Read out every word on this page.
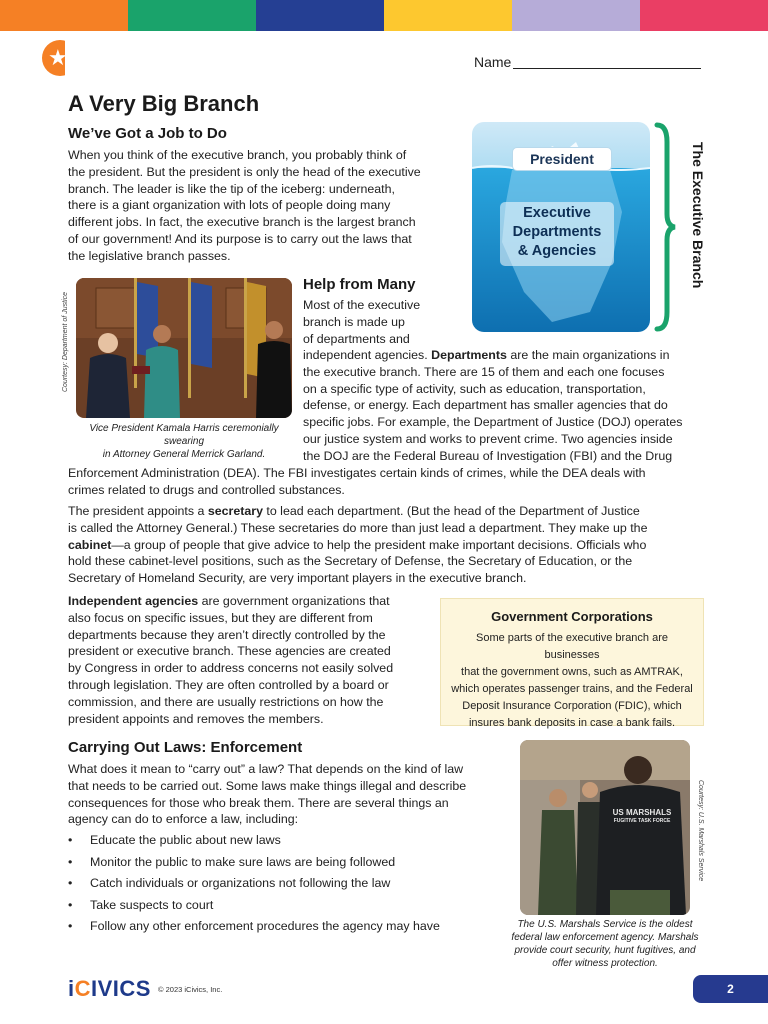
★	Name
A Very Big Branch
We’ve Got a Job to Do
When you think of the executive branch, you probably think of
the president. But the president is only the head of the executive
branch. The leader is like the tip of the iceberg: underneath,
there is a giant organization with lots of people doing many
different jobs. In fact, the executive branch is the largest branch
of our government! And its purpose is to carry out the laws that
the legislative branch passes.
President
Executive
Departments
& Agencies	The Executive Branch
Courtesy: Department of Justice
Vice President Kamala Harris ceremonially swearing
in Attorney General Merrick Garland.
Help from Many
Most of the executive
branch is made up
of departments and
independent agencies. Departments are the main organizations in
the executive branch. There are 15 of them and each one focuses
on a specific type of activity, such as education, transportation,
defense, or energy. Each department has smaller agencies that do
specific jobs. For example, the Department of Justice (DOJ) operates
our justice system and works to prevent crime. Two agencies inside
the DOJ are the Federal Bureau of Investigation (FBI) and the Drug
Enforcement Administration (DEA). The FBI investigates certain kinds of crimes, while the DEA deals with
crimes related to drugs and controlled substances.
The president appoints a secretary to lead each department. (But the head of the Department of Justice
is called the Attorney General.) These secretaries do more than just lead a department. They make up the
cabinet—a group of people that give advice to help the president make important decisions. Officials who
hold these cabinet-level positions, such as the Secretary of Defense, the Secretary of Education, or the
Secretary of Homeland Security, are very important players in the executive branch.
Independent agencies are government organizations that
also focus on specific issues, but they are different from
departments because they aren’t directly controlled by the
president or executive branch. These agencies are created
by Congress in order to address concerns not easily solved
through legislation. They are often controlled by a board or
commission, and there are usually restrictions on how the
president appoints and removes the members.
Government Corporations
Some parts of the executive branch are businesses
that the government owns, such as AMTRAK,
which operates passenger trains, and the Federal
Deposit Insurance Corporation (FDIC), which
insures bank deposits in case a bank fails.
Carrying Out Laws: Enforcement
What does it mean to “carry out” a law? That depends on the kind of law
that needs to be carried out. Some laws make things illegal and describe
consequences for those who break them. There are several things an
agency can do to enforce a law, including:
• Educate the public about new laws
• Monitor the public to make sure laws are being followed
• Catch individuals or organizations not following the law
• Take suspects to court
• Follow any other enforcement procedures the agency may have
US MARSHALS
FUGITIVE TASK FORCE	Courtesy: U.S. Marshals Service
The U.S. Marshals Service is the oldest
federal law enforcement agency. Marshals
provide court security, hunt fugitives, and
offer witness protection.
iCIVICS © 2023 iCivics, Inc.	2
